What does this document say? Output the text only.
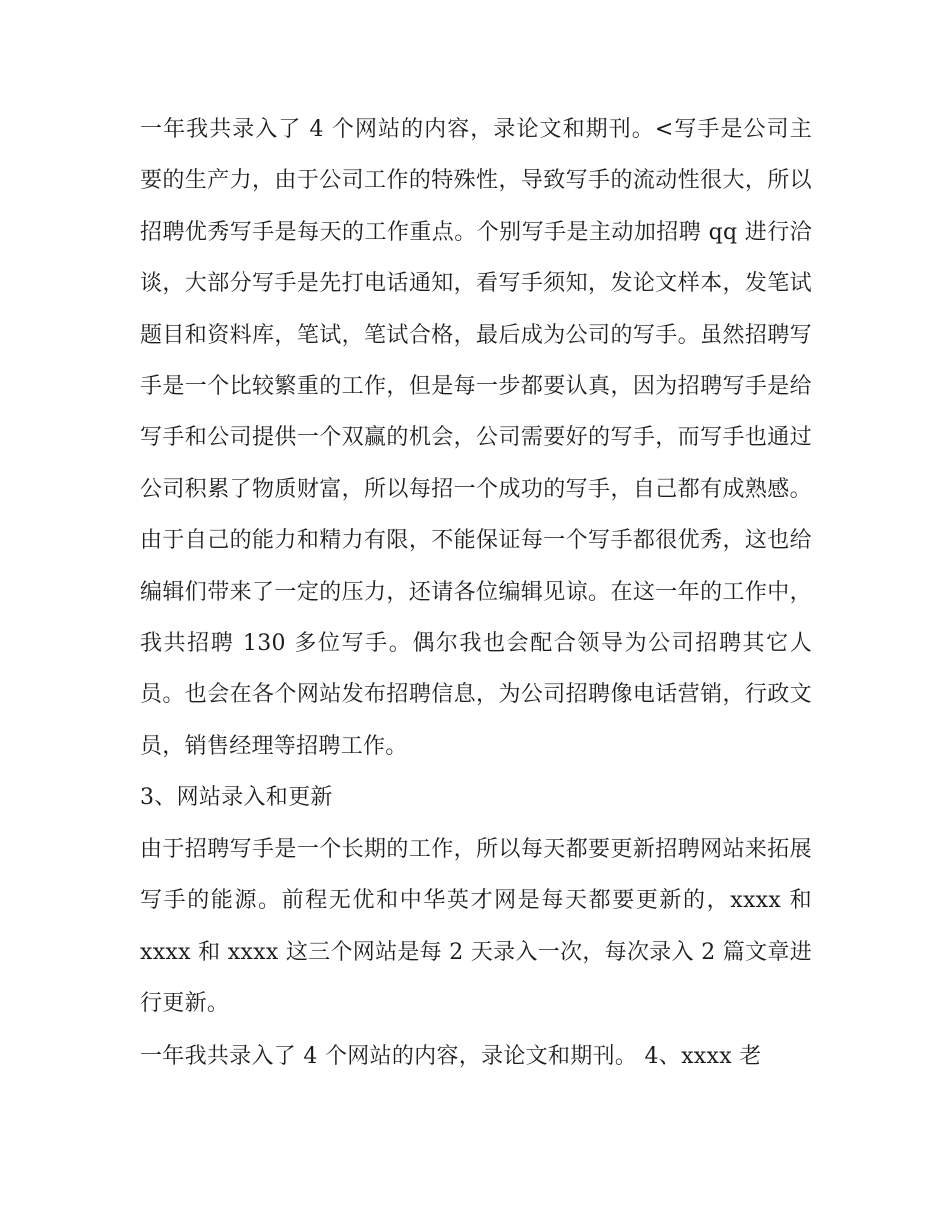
一年我共录入了 4 个网站的内容，录论文和期刊。<写手是公司主要的生产力，由于公司工作的特殊性，导致写手的流动性很大，所以招聘优秀写手是每天的工作重点。个别写手是主动加招聘 qq 进行洽谈，大部分写手是先打电话通知，看写手须知，发论文样本，发笔试题目和资料库，笔试，笔试合格，最后成为公司的写手。虽然招聘写手是一个比较繁重的工作，但是每一步都要认真，因为招聘写手是给写手和公司提供一个双赢的机会，公司需要好的写手，而写手也通过公司积累了物质财富，所以每招一个成功的写手，自己都有成熟感。由于自己的能力和精力有限，不能保证每一个写手都很优秀，这也给编辑们带来了一定的压力，还请各位编辑见谅。在这一年的工作中，我共招聘 130 多位写手。偶尔我也会配合领导为公司招聘其它人员。也会在各个网站发布招聘信息，为公司招聘像电话营销，行政文员，销售经理等招聘工作。

3、网站录入和更新

由于招聘写手是一个长期的工作，所以每天都要更新招聘网站来拓展写手的能源。前程无优和中华英才网是每天都要更新的，xxxx 和 xxxx 和 xxxx 这三个网站是每 2 天录入一次，每次录入 2 篇文章进行更新。

一年我共录入了 4 个网站的内容，录论文和期刊。 4、xxxx 老
